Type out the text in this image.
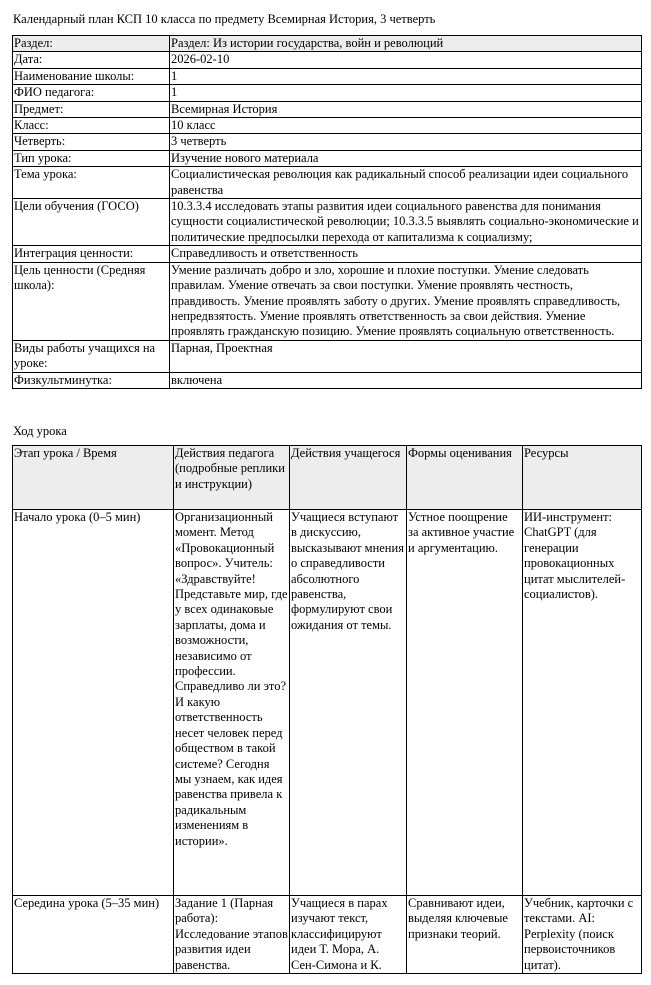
Календарный план КСП 10 класса по предмету Всемирная История, 3 четверть
Раздел:	Раздел: Из истории государства, войн и революций
Дата:	2026-02-10
Наименование школы:	1
ФИО педагога:	1
Предмет:	Всемирная История
Класс:	10 класс
Четверть:	3 четверть
Тип урока:	Изучение нового материала
Тема урока:	Социалистическая революция как радикальный способ реализации идеи социального равенства
Цели обучения (ГОСО)	10.3.3.4 исследовать этапы развития идеи социального равенства для понимания сущности социалистической революции; 10.3.3.5 выявлять социально-экономические и политические предпосылки перехода от капитализма к социализму;
Интеграция ценности:	Справедливость и ответственность
Цель ценности (Средняя школа):	Умение различать добро и зло, хорошие и плохие поступки. Умение следовать правилам. Умение отвечать за свои поступки. Умение проявлять честность, правдивость. Умение проявлять заботу о других. Умение проявлять справедливость, непредвзятость. Умение проявлять ответственность за свои действия. Умение проявлять гражданскую позицию. Умение проявлять социальную ответственность.
Виды работы учащихся на уроке:	Парная, Проектная
Физкультминутка:	включена
Ход урока
Этап урока / Время	Действия педагога (подробные реплики и инструкции)	Действия учащегося	Формы оценивания	Ресурсы
Начало урока (0–5 мин)	Организационный момент. Метод «Провокационный вопрос». Учитель: «Здравствуйте! Представьте мир, где у всех одинаковые зарплаты, дома и возможности, независимо от профессии. Справедливо ли это? И какую ответственность несет человек перед обществом в такой системе? Сегодня мы узнаем, как идея равенства привела к радикальным изменениям в истории».	Учащиеся вступают в дискуссию, высказывают мнения о справедливости абсолютного равенства, формулируют свои ожидания от темы.	Устное поощрение за активное участие и аргументацию.	ИИ-инструмент: ChatGPT (для генерации провокационных цитат мыслителей-социалистов).
Середина урока (5–35 мин)	Задание 1 (Парная работа): Исследование этапов развития идеи равенства.	Учащиеся в парах изучают текст, классифицируют идеи Т. Мора, А. Сен-Симона и К.	Сравнивают идеи, выделяя ключевые признаки теорий.	Учебник, карточки с текстами. AI: Perplexity (поиск первоисточников цитат).
